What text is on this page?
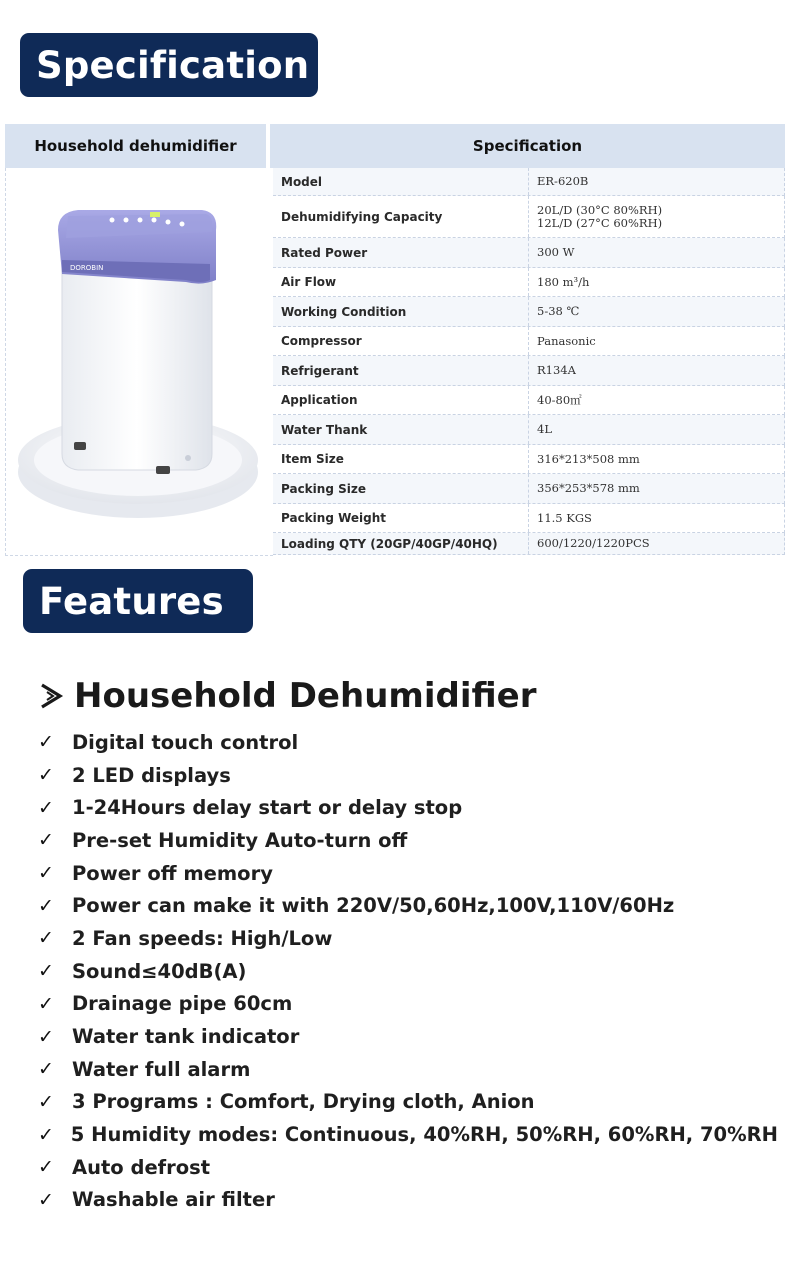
Specification
Household dehumidifier	Specification
DOROBIN
Model	ER-620B
Dehumidifying Capacity	20L/D (30°C 80%RH)
12L/D (27°C 60%RH)
Rated Power	300 W
Air Flow	180 m³/h
Working Condition	5-38 ℃
Compressor	Panasonic
Refrigerant	R134A
Application	40-80㎡
Water Thank	4L
Item Size	316*213*508 mm
Packing Size	356*253*578 mm
Packing Weight	11.5 KGS
Loading QTY (20GP/40GP/40HQ)	600/1220/1220PCS
Features
Household Dehumidifier
✓ Digital touch control
✓ 2 LED displays
✓ 1-24Hours delay start or delay stop
✓ Pre-set Humidity Auto-turn off
✓ Power off memory
✓ Power can make it with 220V/50,60Hz,100V,110V/60Hz
✓ 2 Fan speeds: High/Low
✓ Sound≤40dB(A)
✓ Drainage pipe 60cm
✓ Water tank indicator
✓ Water full alarm
✓ 3 Programs : Comfort, Drying cloth, Anion
✓ 5 Humidity modes: Continuous, 40%RH, 50%RH, 60%RH, 70%RH
✓ Auto defrost
✓ Washable air filter
